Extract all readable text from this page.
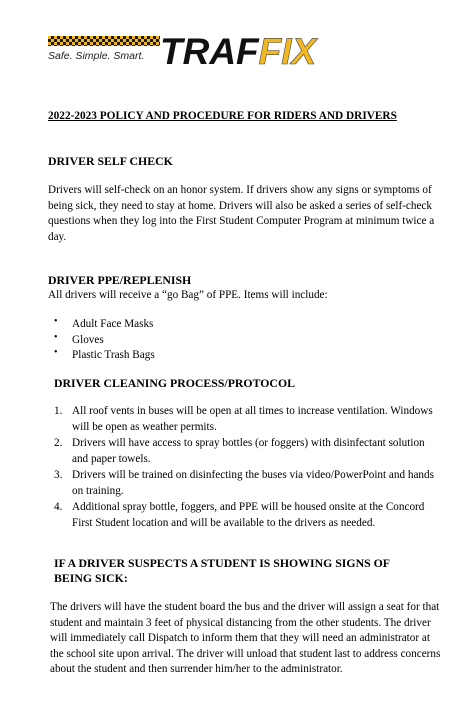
Safe. Simple. Smart. TRAFFIX
2022-2023 POLICY AND PROCEDURE FOR RIDERS AND DRIVERS
DRIVER SELF CHECK
Drivers will self-check on an honor system. If drivers show any signs or symptoms of being sick, they need to stay at home. Drivers will also be asked a series of self-check questions when they log into the First Student Computer Program at minimum twice a day.
DRIVER PPE/REPLENISH
All drivers will receive a “go Bag” of PPE. Items will include:
• Adult Face Masks
• Gloves
• Plastic Trash Bags
DRIVER CLEANING PROCESS/PROTOCOL
1. All roof vents in buses will be open at all times to increase ventilation. Windows will be open as weather permits.
2. Drivers will have access to spray bottles (or foggers) with disinfectant solution and paper towels.
3. Drivers will be trained on disinfecting the buses via video/PowerPoint and hands on training.
4. Additional spray bottle, foggers, and PPE will be housed onsite at the Concord First Student location and will be available to the drivers as needed.
IF A DRIVER SUSPECTS A STUDENT IS SHOWING SIGNS OF
BEING SICK:
The drivers will have the student board the bus and the driver will assign a seat for that student and maintain 3 feet of physical distancing from the other students. The driver will immediately call Dispatch to inform them that they will need an administrator at the school site upon arrival. The driver will unload that student last to address concerns about the student and then surrender him/her to the administrator.
